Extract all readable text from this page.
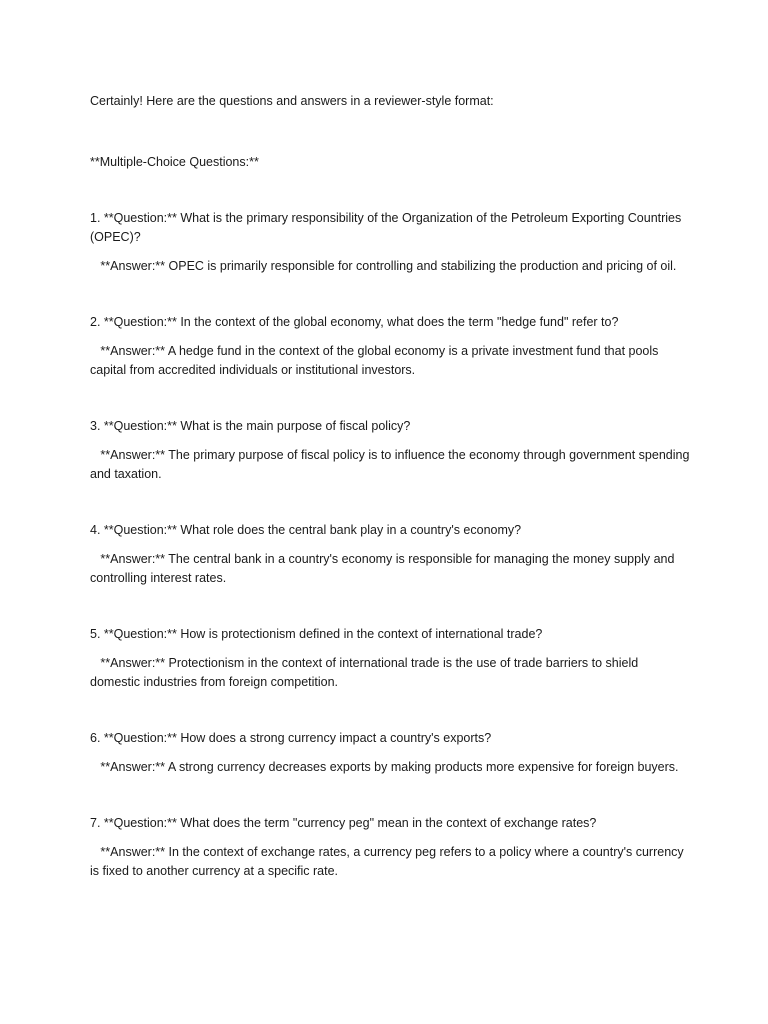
Certainly! Here are the questions and answers in a reviewer-style format:

**Multiple-Choice Questions:**

1. **Question:** What is the primary responsibility of the Organization of the Petroleum Exporting Countries (OPEC)?

**Answer:** OPEC is primarily responsible for controlling and stabilizing the production and pricing of oil.

2. **Question:** In the context of the global economy, what does the term "hedge fund" refer to?

**Answer:** A hedge fund in the context of the global economy is a private investment fund that pools capital from accredited individuals or institutional investors.

3. **Question:** What is the main purpose of fiscal policy?

**Answer:** The primary purpose of fiscal policy is to influence the economy through government spending and taxation.

4. **Question:** What role does the central bank play in a country's economy?

**Answer:** The central bank in a country's economy is responsible for managing the money supply and controlling interest rates.

5. **Question:** How is protectionism defined in the context of international trade?

**Answer:** Protectionism in the context of international trade is the use of trade barriers to shield domestic industries from foreign competition.

6. **Question:** How does a strong currency impact a country's exports?

**Answer:** A strong currency decreases exports by making products more expensive for foreign buyers.

7. **Question:** What does the term "currency peg" mean in the context of exchange rates?

**Answer:** In the context of exchange rates, a currency peg refers to a policy where a country's currency is fixed to another currency at a specific rate.
